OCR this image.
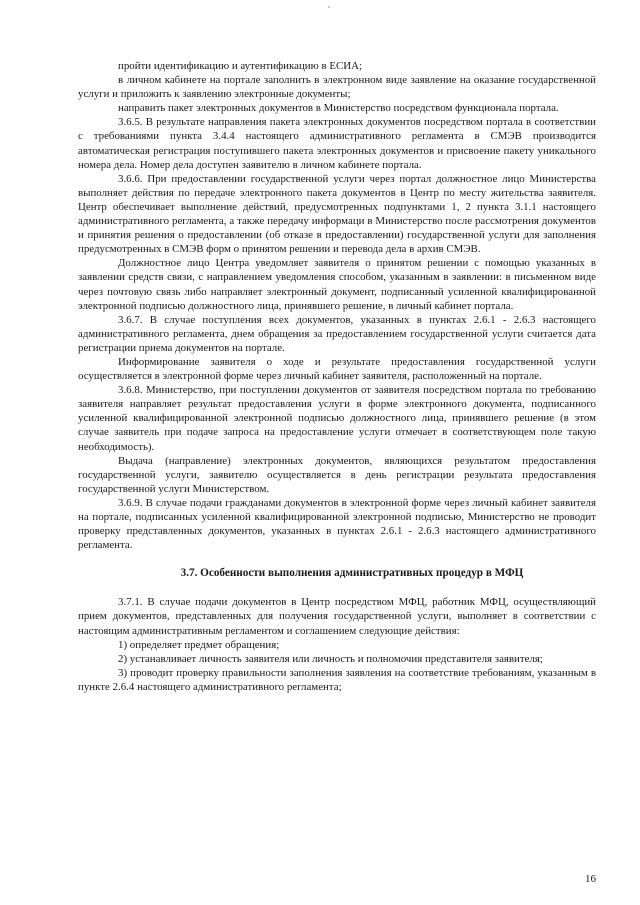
пройти идентификацию и аутентификацию в ЕСИА;

в личном кабинете на портале заполнить в электронном виде заявление на оказание государственной услуги и приложить к заявлению электронные документы;

направить пакет электронных документов в Министерство посредством функционала портала.

3.6.5. В результате направления пакета электронных документов посредством портала в соответствии с требованиями пункта 3.4.4 настоящего административного регламента в СМЭВ производится автоматическая регистрация поступившего пакета электронных документов и присвоение пакету уникального номера дела. Номер дела доступен заявителю в личном кабинете портала.

3.6.6. При предоставлении государственной услуги через портал должностное лицо Министерства выполняет действия по передаче электронного пакета документов в Центр по месту жительства заявителя. Центр обеспечивает выполнение действий, предусмотренных подпунктами 1, 2 пункта 3.1.1 настоящего административного регламента, а также передачу информаци в Министерство после рассмотрения документов и принятия решения о предоставлении (об отказе в предоставлении) государственной услуги для заполнения предусмотренных в СМЭВ форм о принятом решении и перевода дела в архив СМЭВ.

Должностное лицо Центра уведомляет заявителя о принятом решении с помощью указанных в заявлении средств связи, с направлением уведомления способом, указанным в заявлении: в письменном виде через почтовую связь либо направляет электронный документ, подписанный усиленной квалифицированной электронной подписью должностного лица, принявшего решение, в личный кабинет портала.

3.6.7. В случае поступления всех документов, указанных в пунктах 2.6.1 - 2.6.3 настоящего административного регламента, днем обращения за предоставлением государственной услуги считается дата регистрации приема документов на портале.

Информирование заявителя о ходе и результате предоставления государственной услуги осуществляется в электронной форме через личный кабинет заявителя, расположенный на портале.

3.6.8. Министерство, при поступлении документов от заявителя посредством портала по требованию заявителя направляет результат предоставления услуги в форме электронного документа, подписанного усиленной квалифицированной электронной подписью должностного лица, принявшего решение (в этом случае заявитель при подаче запроса на предоставление услуги отмечает в соответствующем поле такую необходимость).

Выдача (направление) электронных документов, являющихся результатом предоставления государственной услуги, заявителю осуществляется в день регистрации результата предоставления государственной услуги Министерством.

3.6.9. В случае подачи гражданами документов в электронной форме через личный кабинет заявителя на портале, подписанных усиленной квалифицированной электронной подписью, Министерство не проводит проверку представленных документов, указанных в пунктах 2.6.1 - 2.6.3 настоящего административного регламента.

3.7. Особенности выполнения административных процедур в МФЦ

3.7.1. В случае подачи документов в Центр посредством МФЦ, работник МФЦ, осуществляющий прием документов, представленных для получения государственной услуги, выполняет в соответствии с настоящим административным регламентом и соглашением следующие действия:

1) определяет предмет обращения;

2) устанавливает личность заявителя или личность и полномочия представителя заявителя;

3) проводит проверку правильности заполнения заявления на соответствие требованиям, указанным в пункте 2.6.4 настоящего административного регламента;

16
